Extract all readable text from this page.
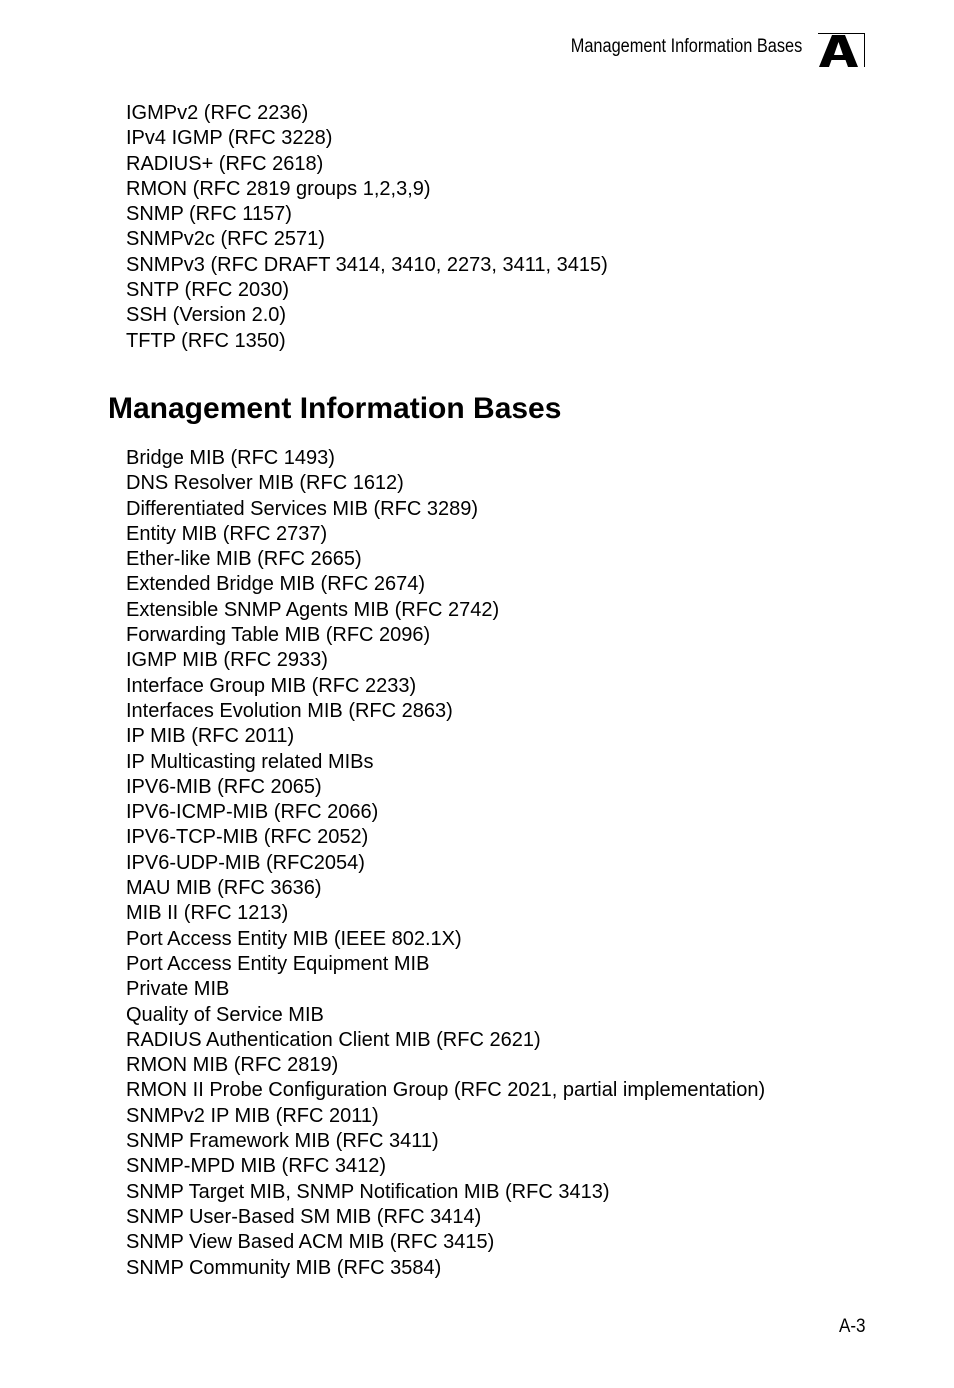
Management Information Bases
IGMPv2 (RFC 2236)
IPv4 IGMP (RFC 3228)
RADIUS+ (RFC 2618)
RMON (RFC 2819 groups 1,2,3,9)
SNMP (RFC 1157)
SNMPv2c (RFC 2571)
SNMPv3 (RFC DRAFT 3414, 3410, 2273, 3411, 3415)
SNTP (RFC 2030)
SSH (Version 2.0)
TFTP (RFC 1350)
Management Information Bases
Bridge MIB (RFC 1493)
DNS Resolver MIB (RFC 1612)
Differentiated Services MIB (RFC 3289)
Entity MIB (RFC 2737)
Ether-like MIB (RFC 2665)
Extended Bridge MIB (RFC 2674)
Extensible SNMP Agents MIB (RFC 2742)
Forwarding Table MIB (RFC 2096)
IGMP MIB (RFC 2933)
Interface Group MIB (RFC 2233)
Interfaces Evolution MIB (RFC 2863)
IP MIB (RFC 2011)
IP Multicasting related MIBs
IPV6-MIB (RFC 2065)
IPV6-ICMP-MIB (RFC 2066)
IPV6-TCP-MIB (RFC 2052)
IPV6-UDP-MIB (RFC2054)
MAU MIB (RFC 3636)
MIB II (RFC 1213)
Port Access Entity MIB (IEEE 802.1X)
Port Access Entity Equipment MIB
Private MIB
Quality of Service MIB
RADIUS Authentication Client MIB (RFC 2621)
RMON MIB (RFC 2819)
RMON II Probe Configuration Group (RFC 2021, partial implementation)
SNMPv2 IP MIB (RFC 2011)
SNMP Framework MIB (RFC 3411)
SNMP-MPD MIB (RFC 3412)
SNMP Target MIB, SNMP Notification MIB (RFC 3413)
SNMP User-Based SM MIB (RFC 3414)
SNMP View Based ACM MIB (RFC 3415)
SNMP Community MIB (RFC 3584)
A-3
